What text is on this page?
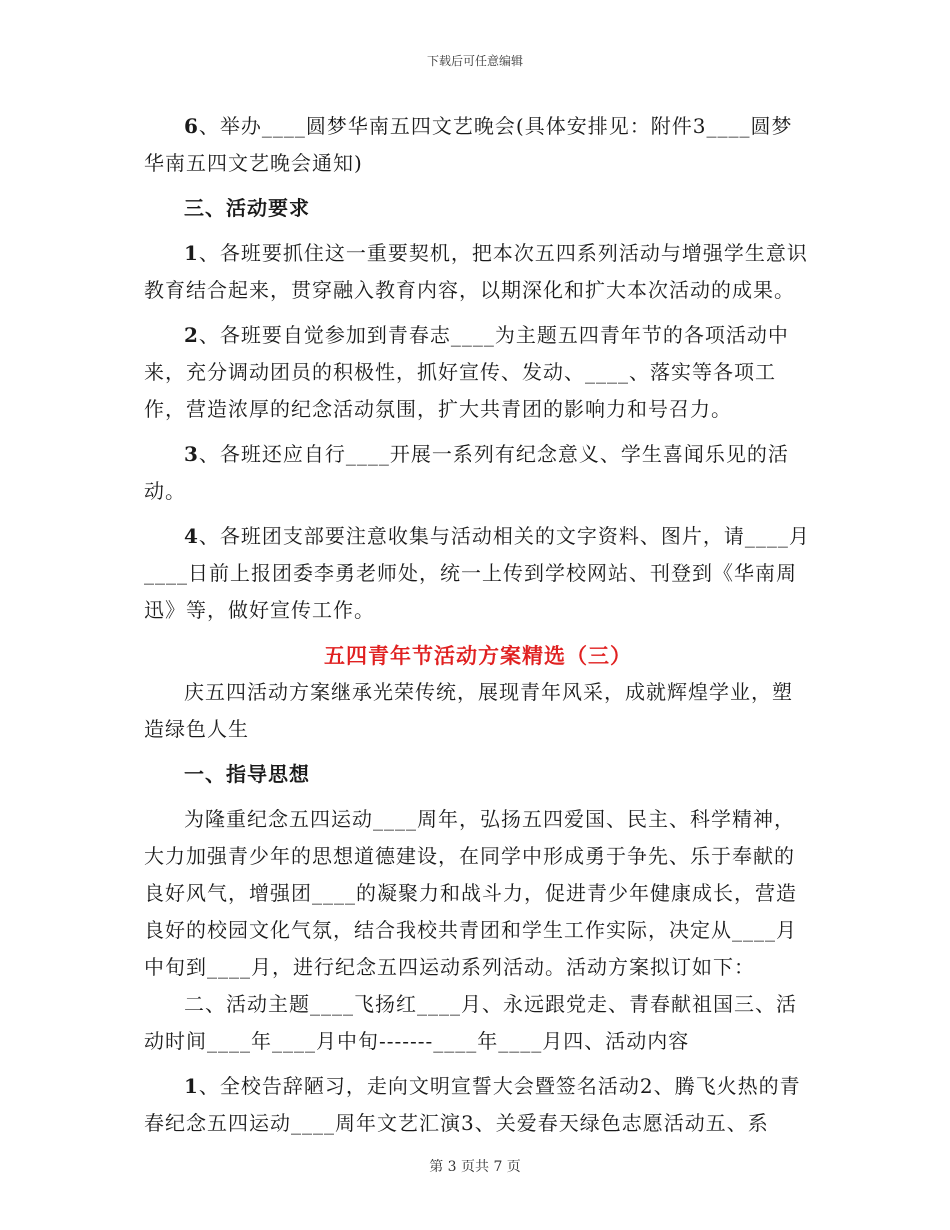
下载后可任意编辑

6、举办____圆梦华南五四文艺晚会(具体安排见：附件3____圆梦华南五四文艺晚会通知)

三、活动要求

1、各班要抓住这一重要契机，把本次五四系列活动与增强学生意识教育结合起来，贯穿融入教育内容，以期深化和扩大本次活动的成果。

2、各班要自觉参加到青春志____为主题五四青年节的各项活动中来，充分调动团员的积极性，抓好宣传、发动、____、落实等各项工作，营造浓厚的纪念活动氛围，扩大共青团的影响力和号召力。

3、各班还应自行____开展一系列有纪念意义、学生喜闻乐见的活动。

4、各班团支部要注意收集与活动相关的文字资料、图片，请____月____日前上报团委李勇老师处，统一上传到学校网站、刊登到《华南周迅》等，做好宣传工作。

五四青年节活动方案精选（三）

庆五四活动方案继承光荣传统，展现青年风采，成就辉煌学业，塑造绿色人生

一、指导思想

为隆重纪念五四运动____周年，弘扬五四爱国、民主、科学精神，大力加强青少年的思想道德建设，在同学中形成勇于争先、乐于奉献的良好风气，增强团____的凝聚力和战斗力，促进青少年健康成长，营造良好的校园文化气氛，结合我校共青团和学生工作实际，决定从____月中旬到____月，进行纪念五四运动系列活动。活动方案拟订如下：

二、活动主题____飞扬红____月、永远跟党走、青春献祖国三、活动时间____年____月中旬-------____年____月四、活动内容

1、全校告辞陋习，走向文明宣誓大会暨签名活动2、腾飞火热的青春纪念五四运动____周年文艺汇演3、关爱春天绿色志愿活动五、系

第 3 页共 7 页
